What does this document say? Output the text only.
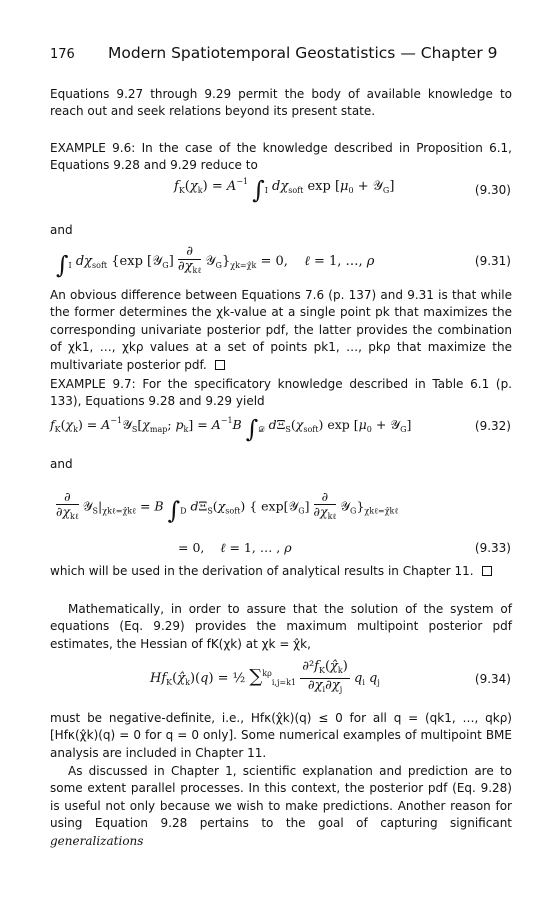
176	Modern Spatiotemporal Geostatistics — Chapter 9

Equations 9.27 through 9.29 permit the body of available knowledge to reach out and seek relations beyond its present state.

EXAMPLE 9.6: In the case of the knowledge described in Proposition 6.1, Equations 9.28 and 9.29 reduce to

$f_K(\chi_k) = A^{-1}$ $\int_I$ $d\chi_{soft}$ $\exp [\mu_0$ + 𝒴$_G$]	(9.30)

and

$\int_I$ $d\chi_{soft}$ {exp [𝒴$_G$] $\frac{\partial}{\partial\chi_{k\ell}}$ $𝒴_G\}_{\chi k=\chîk} = 0$,    ℓ = 1, …, ρ	(9.31)

An obvious difference between Equations 7.6 (p. 137) and 9.31 is that while the former determines the χk-value at a single point pk that maximizes the corresponding univariate posterior pdf, the latter provides the combination of χk1, …, χkρ values at a set of points pk1, …, pkρ that maximize the multivariate posterior pdf.

EXAMPLE 9.7: For the specificatory knowledge described in Table 6.1 (p. 133), Equations 9.28 and 9.29 yield

$f_K(\chi_k)$ = $A^{-1}𝒴_S[\chi_{map}$; $p_k] = A^{-1}B$ $\int_𝒟$ $d\Xi_S(\chi_{soft})$ $\exp [\mu_0$ + 𝒴$_G$]	(9.32)

and

$\frac{\partial}{\partial\chi_{k\ell}}$ $𝒴_S|_{\chi k\ell=\chîk\ell} = B$ $\int_D$ $d\Xi_S(\chi_{soft})$ { exp[𝒴$_G$] $\frac{\partial}{\partial\chi_{k\ell}}$ $𝒴_G\}_{\chi k\ell=\chîk\ell}$
= 0,    ℓ = 1, … , ρ	(9.33)

which will be used in the derivation of analytical results in Chapter 11.

Mathematically, in order to assure that the solution of the system of equations (Eq. 9.29) provides the maximum multipoint posterior pdf estimates, the Hessian of fK(χk) at χk = χ̂k,

$Hf_K(\chî_k)(q)$ = ½ $\sum^{k\rho}_{i,j=k1} \frac{\partial^2f_K(\chî_k)}{\partial\chi_i\partial\chi_j} q_i$ $q_j$	(9.34)

must be negative-definite, i.e., Hfκ(χ̂k)(q) ≤ 0 for all q = (qk1, …, qkρ) [Hfκ(χ̂k)(q) = 0 for q = 0 only]. Some numerical examples of multipoint BME analysis are included in Chapter 11.

As discussed in Chapter 1, scientific explanation and prediction are to some extent parallel processes. In this context, the posterior pdf (Eq. 9.28) is useful not only because we wish to make predictions. Another reason for using Equation 9.28 pertains to the goal of capturing significant generalizations
